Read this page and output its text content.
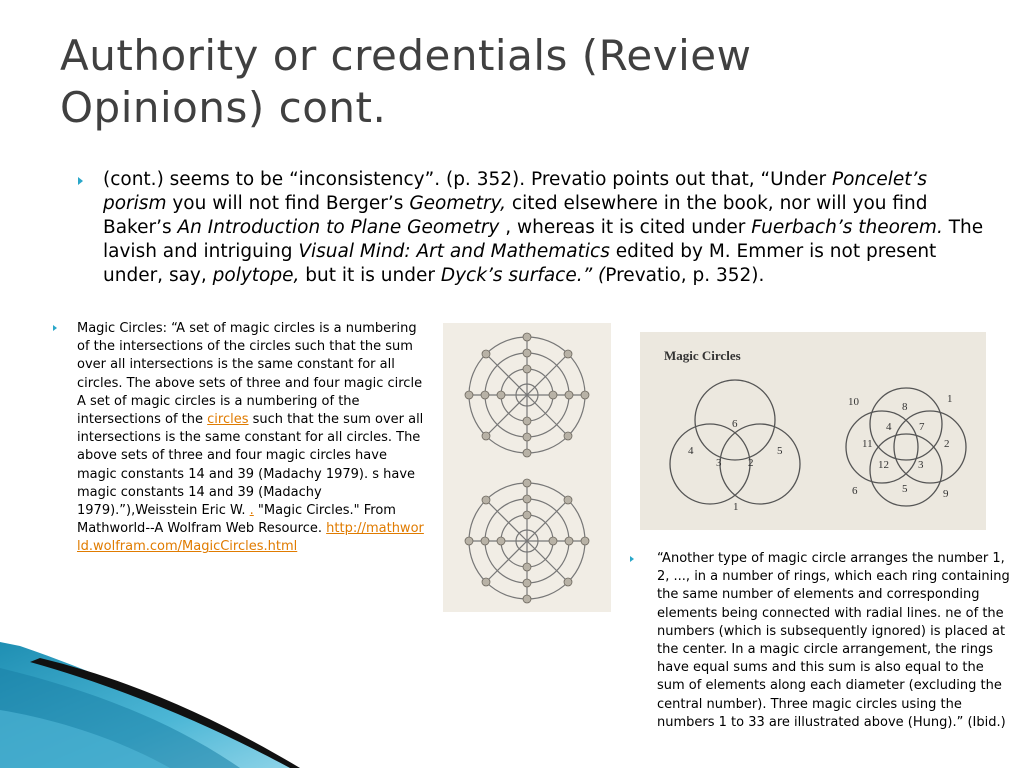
Authority or credentials (Review Opinions) cont.
(cont.) seems to be “inconsistency”. (p. 352). Prevatio points out that, “Under Poncelet’s porism you will not find Berger’s Geometry, cited elsewhere in the book, nor will you find Baker’s An Introduction to Plane Geometry , whereas it is cited under Fuerbach’s theorem. The lavish and intriguing Visual Mind: Art and Mathematics edited by M. Emmer is not present under, say, polytope, but it is under Dyck’s surface.” (Prevatio, p. 352).
Magic Circles: “A set of magic circles is a numbering of the intersections of the circles such that the sum over all intersections is the same constant for all circles. The above sets of three and four magic circle A set of magic circles is a numbering of the intersections of the circles such that the sum over all intersections is the same constant for all circles. The above sets of three and four magic circles have magic constants 14 and 39 (Madachy 1979). s have magic constants 14 and 39 (Madachy 1979).”),Weisstein Eric W. . "Magic Circles." From Mathworld--A Wolfram Web Resource. http://mathworld.wolfram.com/MagicCircles.html
Magic Circles
6
4	5
3 2
1
10	8
1
4	7
11	2
12	3
6	5	9
“Another type of magic circle arranges the number 1, 2, ..., in a number of rings, which each ring containing the same number of elements and corresponding elements being connected with radial lines. ne of the numbers (which is subsequently ignored) is placed at the center. In a magic circle arrangement, the rings have equal sums and this sum is also equal to the sum of elements along each diameter (excluding the central number). Three magic circles using the numbers 1 to 33 are illustrated above (Hung).” (Ibid.)
